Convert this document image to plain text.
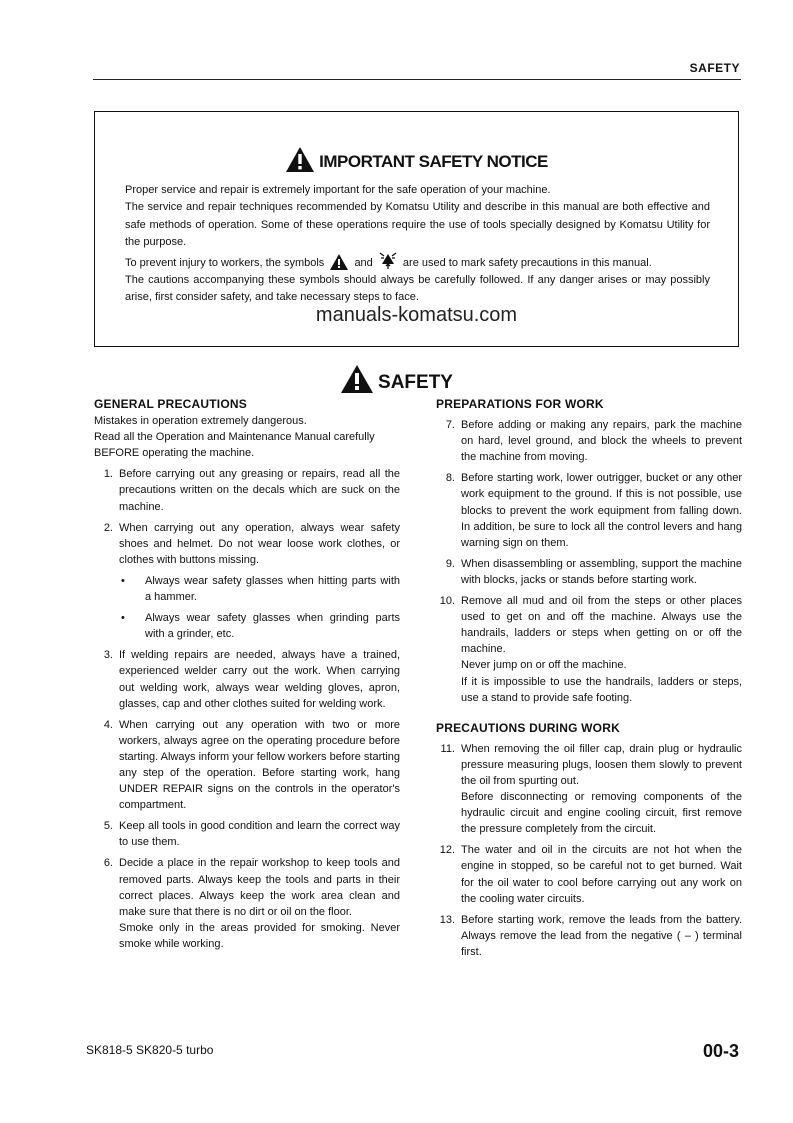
SAFETY
IMPORTANT SAFETY NOTICE

Proper service and repair is extremely important for the safe operation of your machine.

The service and repair techniques recommended by Komatsu Utility and describe in this manual are both effective and safe methods of operation. Some of these operations require the use of tools specially designed by Komatsu Utility for the purpose.

To prevent injury to workers, the symbols	and	are used to mark safety precautions in this manual.

The cautions accompanying these symbols should always be carefully followed. If any danger arises or may possibly arise, first consider safety, and take necessary steps to face.

manuals-komatsu.com
SAFETY
GENERAL PRECAUTIONS

Mistakes in operation extremely dangerous.

Read all the Operation and Maintenance Manual carefully BEFORE operating the machine.

1. Before carrying out any greasing or repairs, read all the precautions written on the decals which are suck on the machine.

2. When carrying out any operation, always wear safety shoes and helmet. Do not wear loose work clothes, or clothes with buttons missing.

•	Always wear safety glasses when hitting parts with a hammer.
•	Always wear safety glasses when grinding parts with a grinder, etc.
3. If welding repairs are needed, always have a trained, experienced welder carry out the work. When carrying out welding work, always wear welding gloves, apron, glasses, cap and other clothes suited for welding work.

4. When carrying out any operation with two or more workers, always agree on the operating procedure before starting. Always inform your fellow workers before starting any step of the operation. Before starting work, hang UNDER REPAIR signs on the controls in the operator's compartment.

5. Keep all tools in good condition and learn the correct way to use them.

6. Decide a place in the repair workshop to keep tools and removed parts. Always keep the tools and parts in their correct places. Always keep the work area clean and make sure that there is no dirt or oil on the floor.

Smoke only in the areas provided for smoking. Never smoke while working.

PREPARATIONS FOR WORK
7. Before adding or making any repairs, park the machine on hard, level ground, and block the wheels to prevent the machine from moving.

8. Before starting work, lower outrigger, bucket or any other work equipment to the ground. If this is not possible, use blocks to prevent the work equipment from falling down. In addition, be sure to lock all the control levers and hang warning sign on them.

9. When disassembling or assembling, support the machine with blocks, jacks or stands before starting work.

10. Remove all mud and oil from the steps or other places used to get on and off the machine. Always use the handrails, ladders or steps when getting on or off the machine.

Never jump on or off the machine.

If it is impossible to use the handrails, ladders or steps, use a stand to provide safe footing.

PRECAUTIONS DURING WORK
11. When removing the oil filler cap, drain plug or hydraulic pressure measuring plugs, loosen them slowly to prevent the oil from spurting out.

Before disconnecting or removing components of the hydraulic circuit and engine cooling circuit, first remove the pressure completely from the circuit.

12. The water and oil in the circuits are not hot when the engine in stopped, so be careful not to get burned. Wait for the oil water to cool before carrying out any work on the cooling water circuits.

13. Before starting work, remove the leads from the battery. Always remove the lead from the negative ( – ) terminal first.

SK818-5 SK820-5 turbo	00-3
